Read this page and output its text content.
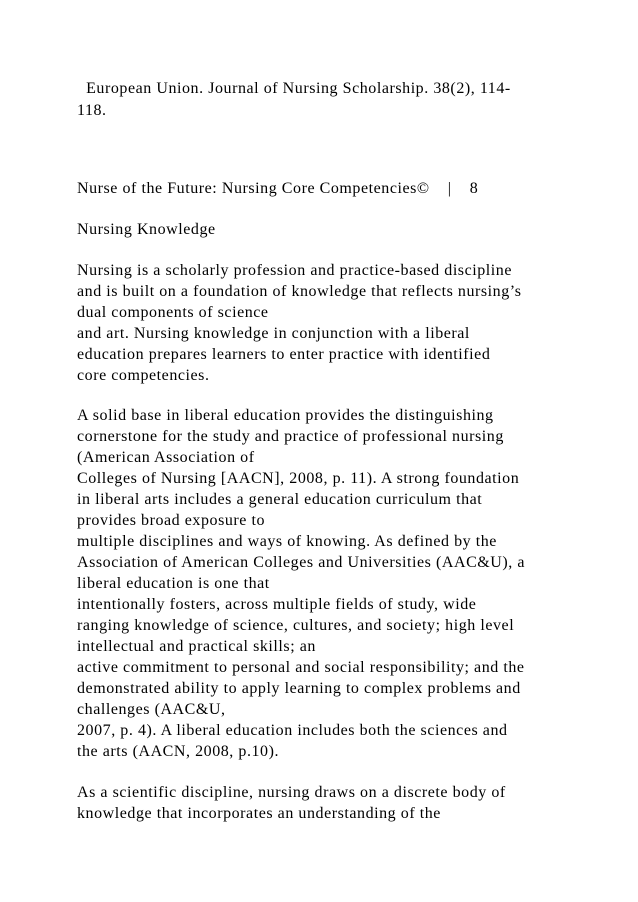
European Union. Journal of Nursing Scholarship. 38(2), 114-

118.

Nurse of the Future: Nursing Core Competencies©    |    8

Nursing Knowledge

Nursing is a scholarly profession and practice-based discipline

and is built on a foundation of knowledge that reflects nursing’s

dual components of science

and art. Nursing knowledge in conjunction with a liberal

education prepares learners to enter practice with identified

core competencies.

A solid base in liberal education provides the distinguishing

cornerstone for the study and practice of professional nursing

(American Association of

Colleges of Nursing [AACN], 2008, p. 11). A strong foundation

in liberal arts includes a general education curriculum that

provides broad exposure to

multiple disciplines and ways of knowing. As defined by the

Association of American Colleges and Universities (AAC&U), a

liberal education is one that

intentionally fosters, across multiple fields of study, wide

ranging knowledge of science, cultures, and society; high level

intellectual and practical skills; an

active commitment to personal and social responsibility; and the

demonstrated ability to apply learning to complex problems and

challenges (AAC&U,

2007, p. 4). A liberal education includes both the sciences and

the arts (AACN, 2008, p.10).

As a scientific discipline, nursing draws on a discrete body of

knowledge that incorporates an understanding of the
